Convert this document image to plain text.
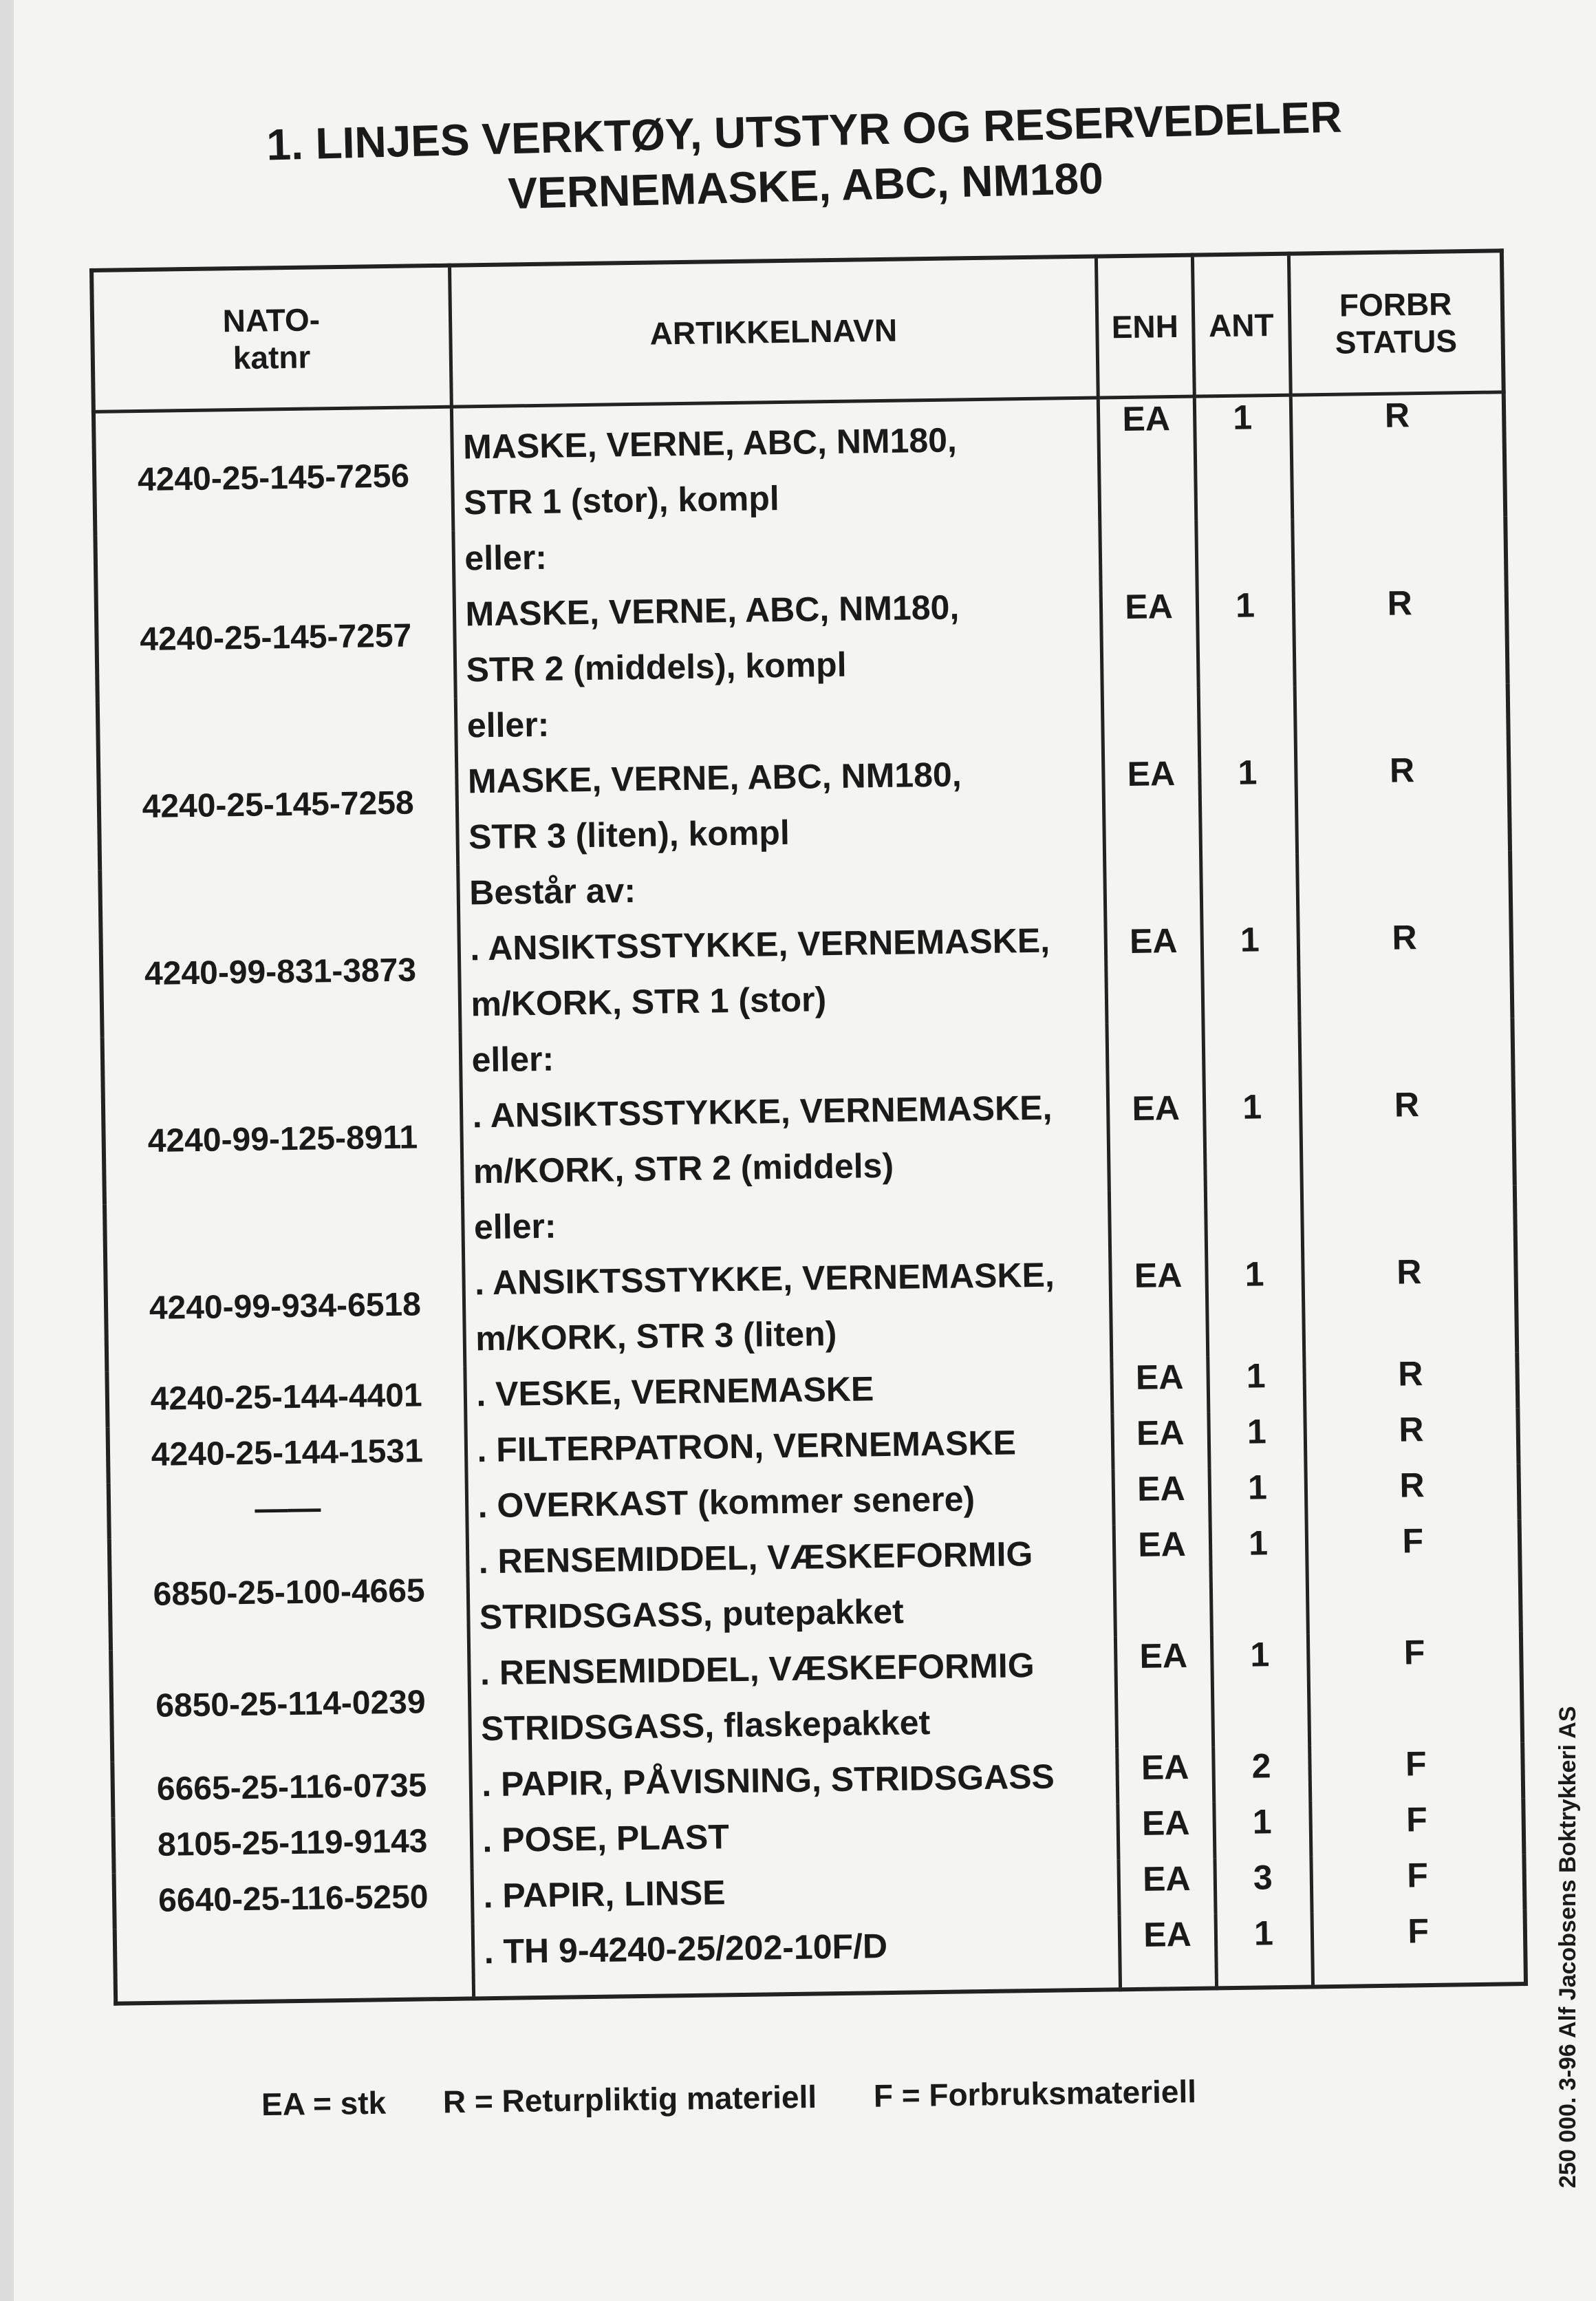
1. LINJES VERKTØY, UTSTYR OG RESERVEDELER
VERNEMASKE, ABC, NM180
NATO-
katnr	ARTIKKELNAVN	ENH	ANT	FORBR
STATUS

4240-25-145-7256	MASKE, VERNE, ABC, NM180,
STR 1 (stor), kompl	EA	1	R
4240-25-145-7257	eller:
MASKE, VERNE, ABC, NM180,
STR 2 (middels), kompl	EA	1	R
4240-25-145-7258	eller:
MASKE, VERNE, ABC, NM180,
STR 3 (liten), kompl	EA	1	R
4240-99-831-3873	Består av:
. ANSIKTSSTYKKE, VERNEMASKE,
m/KORK, STR 1 (stor)	EA	1	R
4240-99-125-8911	eller:
. ANSIKTSSTYKKE, VERNEMASKE,
m/KORK, STR 2 (middels)	EA	1	R
4240-99-934-6518	eller:
. ANSIKTSSTYKKE, VERNEMASKE,
m/KORK, STR 3 (liten)	EA	1	R
4240-25-144-4401	. VESKE, VERNEMASKE	EA	1	R
4240-25-144-1531	. FILTERPATRON, VERNEMASKE	EA	1	R
——	. OVERKAST (kommer senere)	EA	1	R
6850-25-100-4665	. RENSEMIDDEL, VÆSKEFORMIG
STRIDSGASS, putepakket	EA	1	F
6850-25-114-0239	. RENSEMIDDEL, VÆSKEFORMIG
STRIDSGASS, flaskepakket	EA	1	F
6665-25-116-0735	. PAPIR, PÅVISNING, STRIDSGASS	EA	2	F
8105-25-119-9143	. POSE, PLAST	EA	1	F
6640-25-116-5250	. PAPIR, LINSE	EA	3	F

	. TH 9-4240-25/202-10F/D	EA	1	F
EA = stk R = Returpliktig materiell F = Forbruksmateriell	250 000. 3-96 Alf Jacobsens Boktrykkeri AS
